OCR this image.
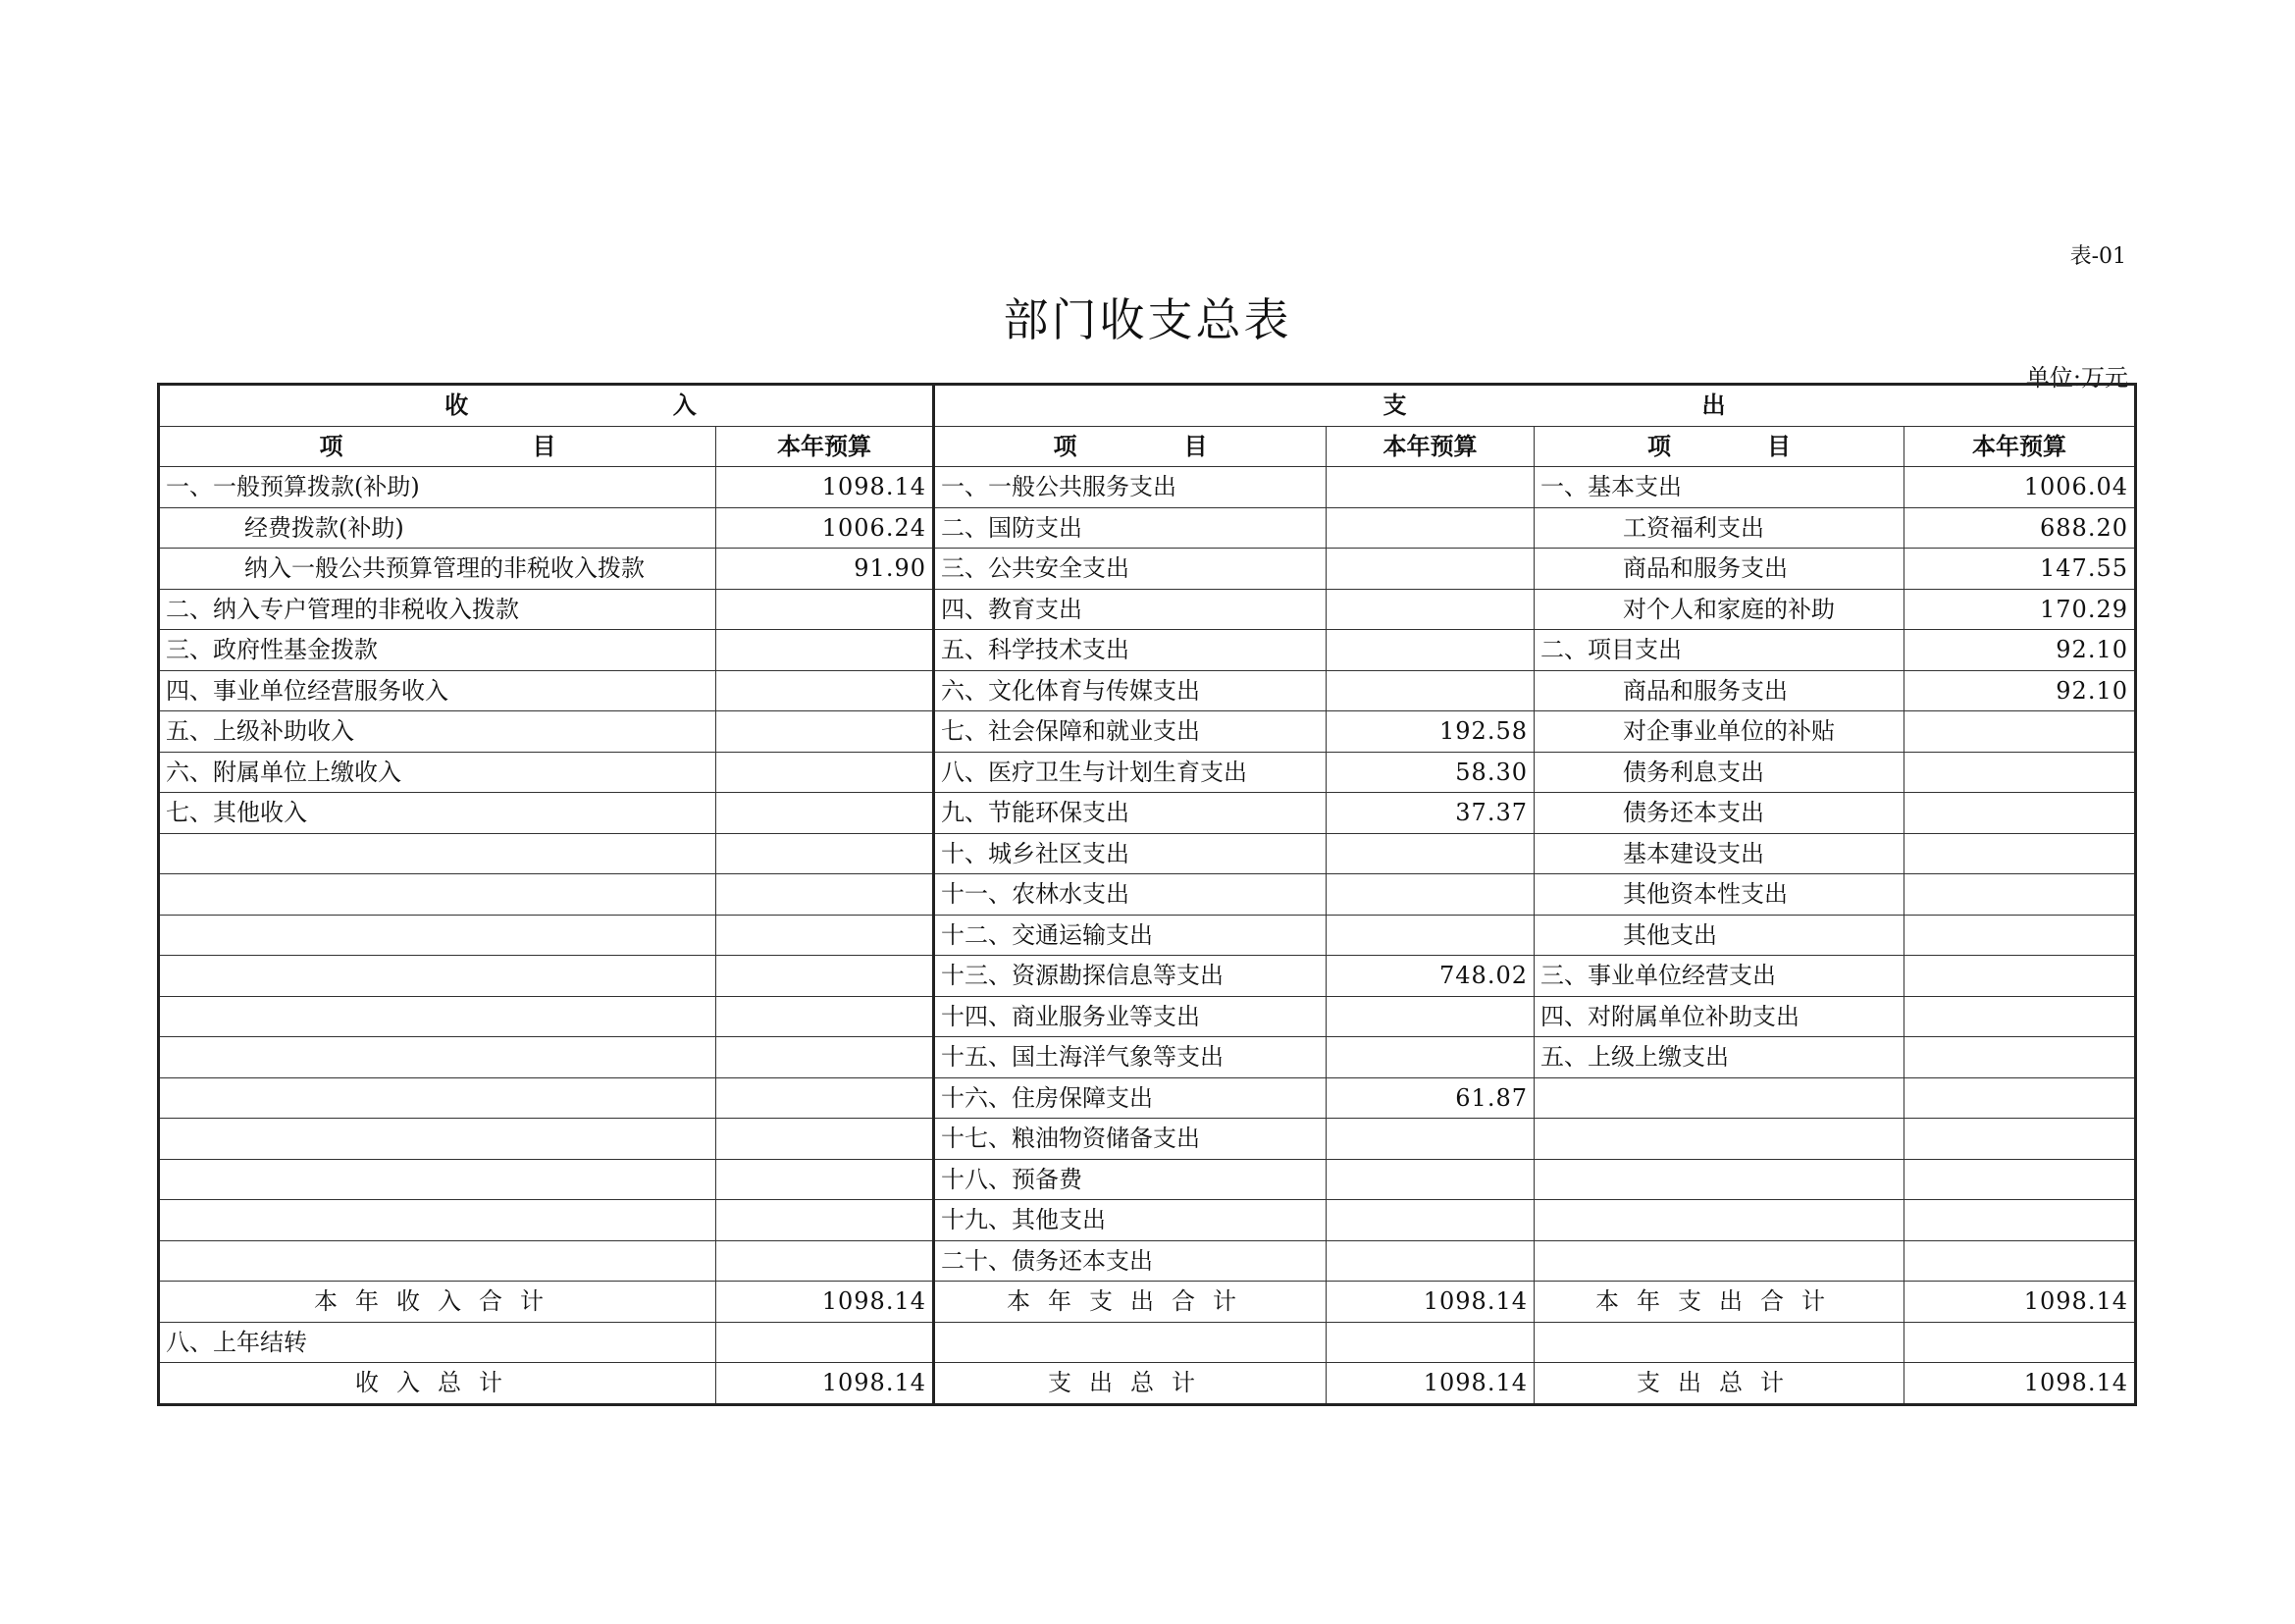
表-01
部门收支总表
单位:万元
收 入		支 出			

项 目	本年预算	项 目	本年预算	项 目	本年预算
一、一般预算拨款(补助)	1098.14	一、一般公共服务支出		一、基本支出	1006.04
经费拨款(补助)	1006.24	二、国防支出		工资福利支出	688.20
纳入一般公共预算管理的非税收入拨款	91.90	三、公共安全支出		商品和服务支出	147.55
二、纳入专户管理的非税收入拨款		四、教育支出		对个人和家庭的补助	170.29
三、政府性基金拨款		五、科学技术支出		二、项目支出	92.10
四、事业单位经营服务收入		六、文化体育与传媒支出		商品和服务支出	92.10
五、上级补助收入		七、社会保障和就业支出	192.58	对企事业单位的补贴	
六、附属单位上缴收入		八、医疗卫生与计划生育支出	58.30	债务利息支出	
七、其他收入		九、节能环保支出	37.37	债务还本支出	
		十、城乡社区支出		基本建设支出	
		十一、农林水支出		其他资本性支出	
		十二、交通运输支出		其他支出	
		十三、资源勘探信息等支出	748.02	三、事业单位经营支出	
		十四、商业服务业等支出		四、对附属单位补助支出	
		十五、国土海洋气象等支出		五、上级上缴支出	
		十六、住房保障支出	61.87		
		十七、粮油物资储备支出			
		十八、预备费			
		十九、其他支出			
		二十、债务还本支出			
本年收入合计	1098.14	本年支出合计	1098.14	本年支出合计	1098.14
八、上年结转					
收入总计	1098.14	支出总计	1098.14	支出总计	1098.14
